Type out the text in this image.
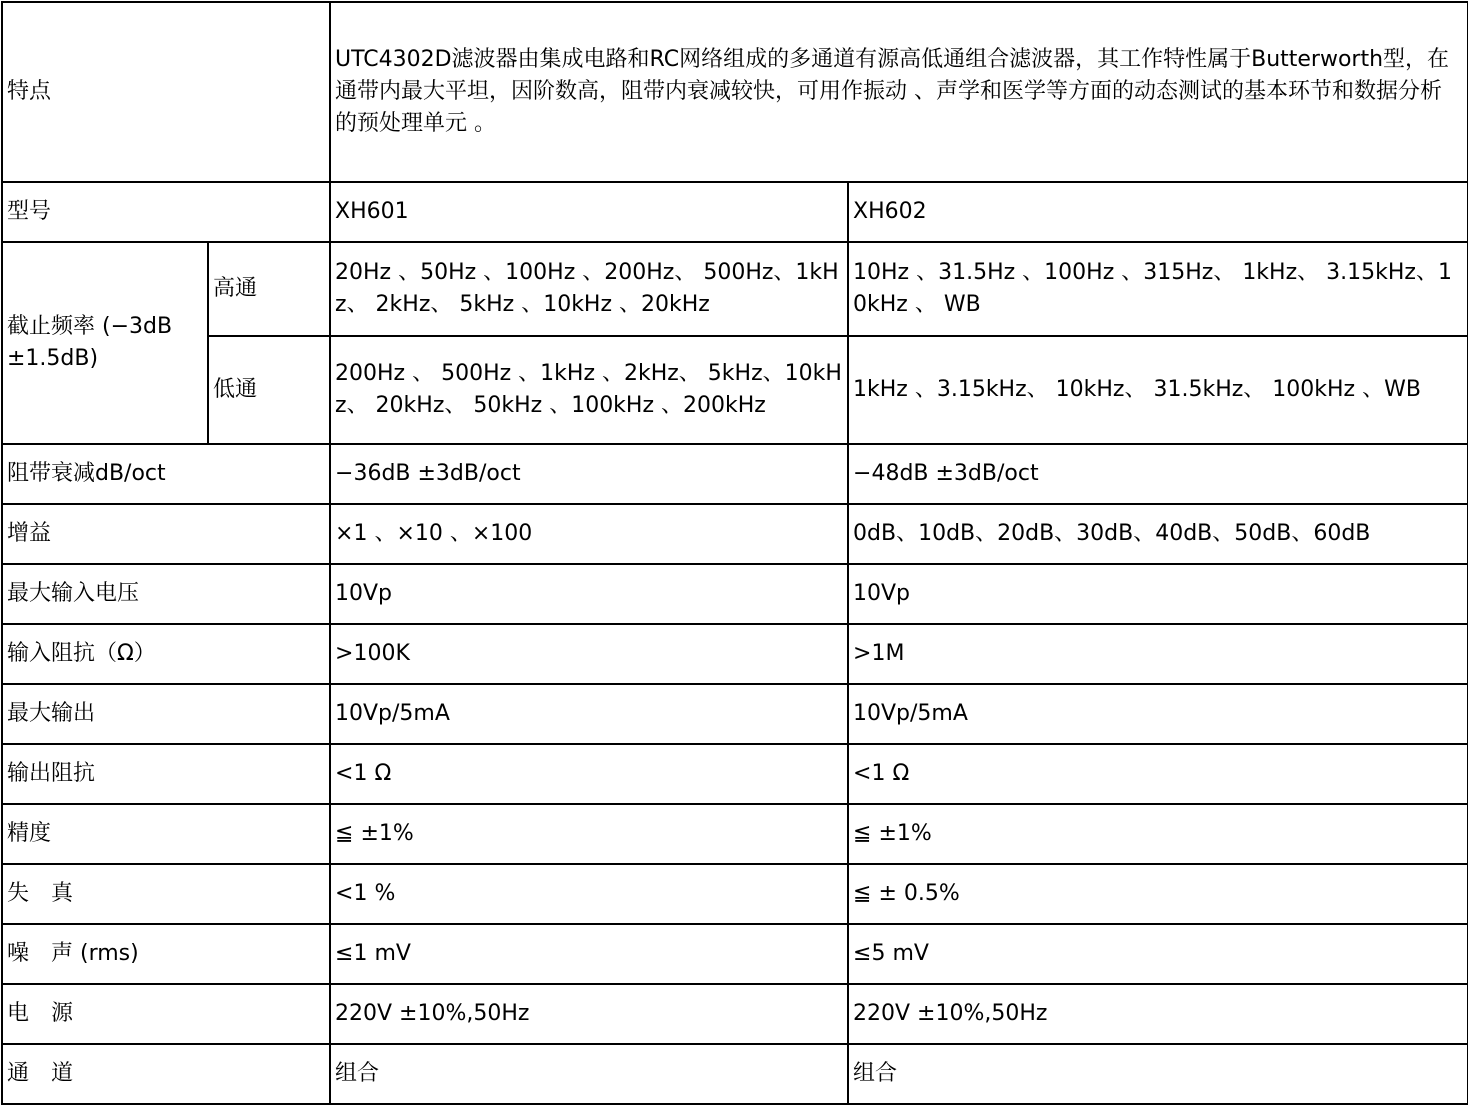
特点		UTC4302D滤波器由集成电路和RC网络组成的多通道有源高低通组合滤波器，其工作特性属于Butterworth型，在通带内最大平坦，因阶数高，阻带内衰减较快，可用作振动 、声学和医学等方面的动态测试的基本环节和数据分析的预处理单元 。	
型号		XH601	XH602
截止频率 (−3dB ±1.5dB)	高通	20Hz 、50Hz 、100Hz 、200Hz、 500Hz、1kHz、 2kHz、 5kHz 、10kHz 、20kHz	10Hz 、31.5Hz 、100Hz 、315Hz、 1kHz、 3.15kHz、10kHz 、 WB
	低通	200Hz 、 500Hz 、1kHz 、2kHz、 5kHz、10kHz、 20kHz、 50kHz 、100kHz 、200kHz	1kHz 、3.15kHz、 10kHz、 31.5kHz、 100kHz 、WB
阻带衰减dB/oct		−36dB ±3dB/oct	−48dB ±3dB/oct
增益		×1 、×10 、×100	0dB、10dB、20dB、30dB、40dB、50dB、60dB
最大输入电压		10Vp	10Vp
输入阻抗（Ω）		>100K	>1M
最大输出		10Vp/5mA	10Vp/5mA
输出阻抗		<1 Ω	<1 Ω
精度		≦ ±1%	≦ ±1%
失　真		<1 %	≦ ± 0.5%
噪　声 (rms)		≤1 mV	≤5 mV
电　源		220V ±10%,50Hz	220V ±10%,50Hz
通　道		组合	组合
